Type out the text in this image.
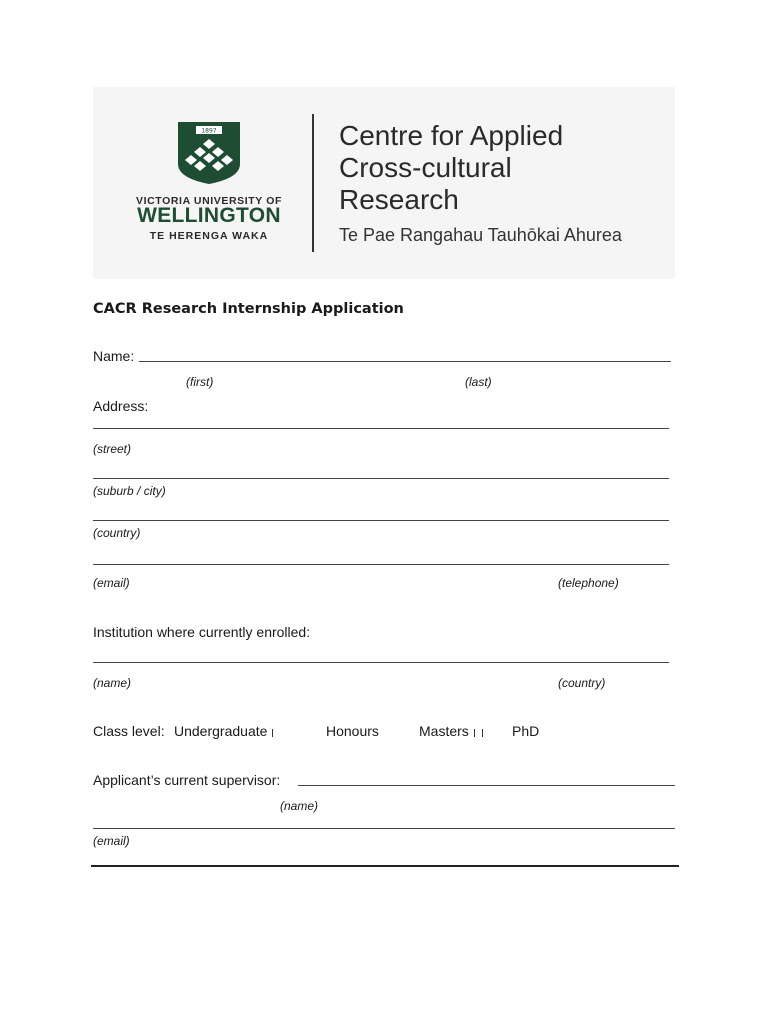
1897
VICTORIA UNIVERSITY OF
WELLINGTON
TE HERENGA WAKA
Centre for Applied
Cross-cultural
Research
Te Pae Rangahau Tauhōkai Ahurea
CACR Research Internship Application
Name:
(first)	(last)
Address:
(street)
(suburb / city)
(country)
(email)	(telephone)
Institution where currently enrolled:
(name)	(country)
Class level: Undergraduate	Honours	Masters	PhD
Applicant’s current supervisor:
(name)
(email)
